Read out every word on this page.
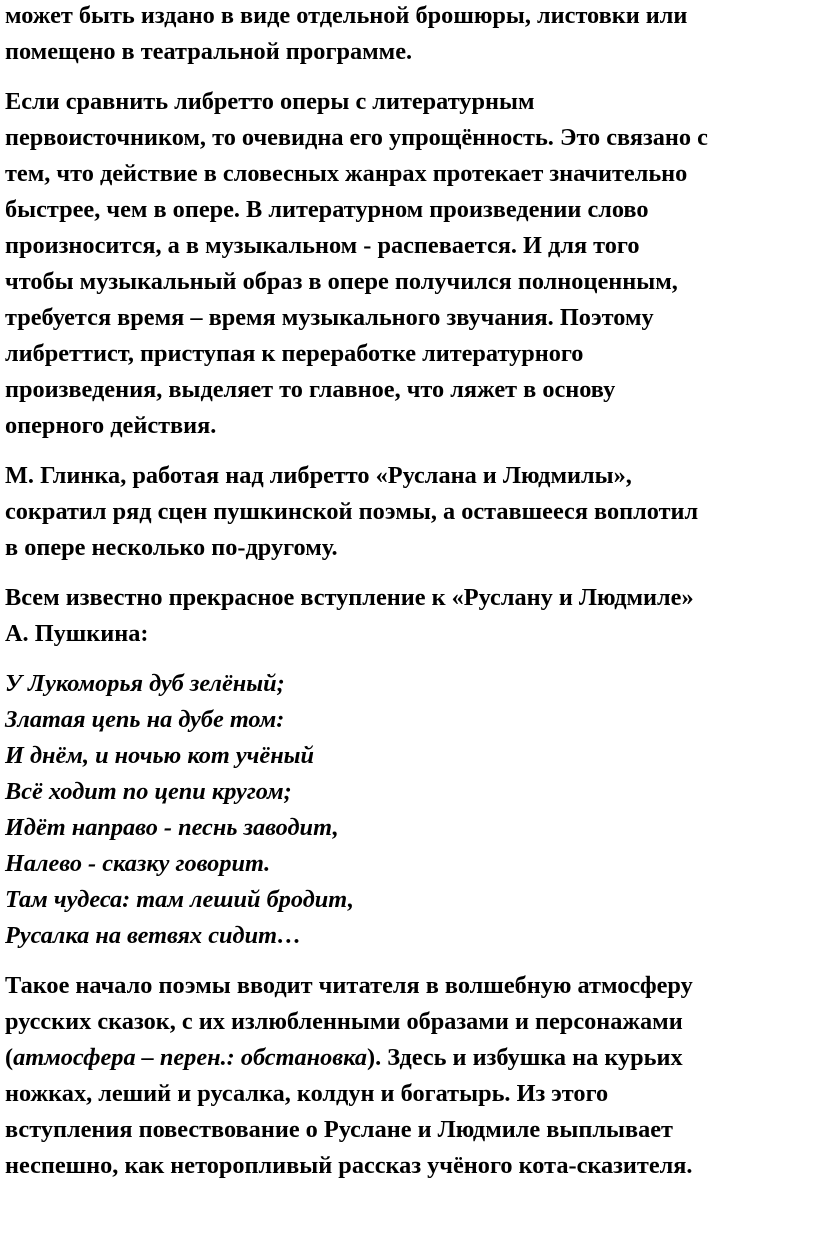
может быть издано в виде отдельной брошюры, листовки или
помещено в театральной программе.
Если сравнить либретто оперы с литературным
первоисточником, то очевидна его упрощённость. Это связано с
тем, что действие в словесных жанрах протекает значительно
быстрее, чем в опере. В литературном произведении слово
произносится, а в музыкальном - распевается. И для того
чтобы музыкальный образ в опере получился полноценным,
требуется время – время музыкального звучания. Поэтому
либреттист, приступая к переработке литературного
произведения, выделяет то главное, что ляжет в основу
оперного действия.
М. Глинка, работая над либретто «Руслана и Людмилы»,
сократил ряд сцен пушкинской поэмы, а оставшееся воплотил
в опере несколько по-другому.
Всем известно прекрасное вступление к «Руслану и Людмиле»
А. Пушкина:
У Лукоморья дуб зелёный;
Златая цепь на дубе том:
И днём, и ночью кот учёный
Всё ходит по цепи кругом;
Идёт направо - песнь заводит,
Налево - сказку говорит.
Там чудеса: там леший бродит,
Русалка на ветвях сидит…
Такое начало поэмы вводит читателя в волшебную атмосферу
русских сказок, с их излюбленными образами и персонажами
(атмосфера – перен.: обстановка). Здесь и избушка на курьих
ножках, леший и русалка, колдун и богатырь. Из этого
вступления повествование о Руслане и Людмиле выплывает
неспешно, как неторопливый рассказ учёного кота-сказителя.
